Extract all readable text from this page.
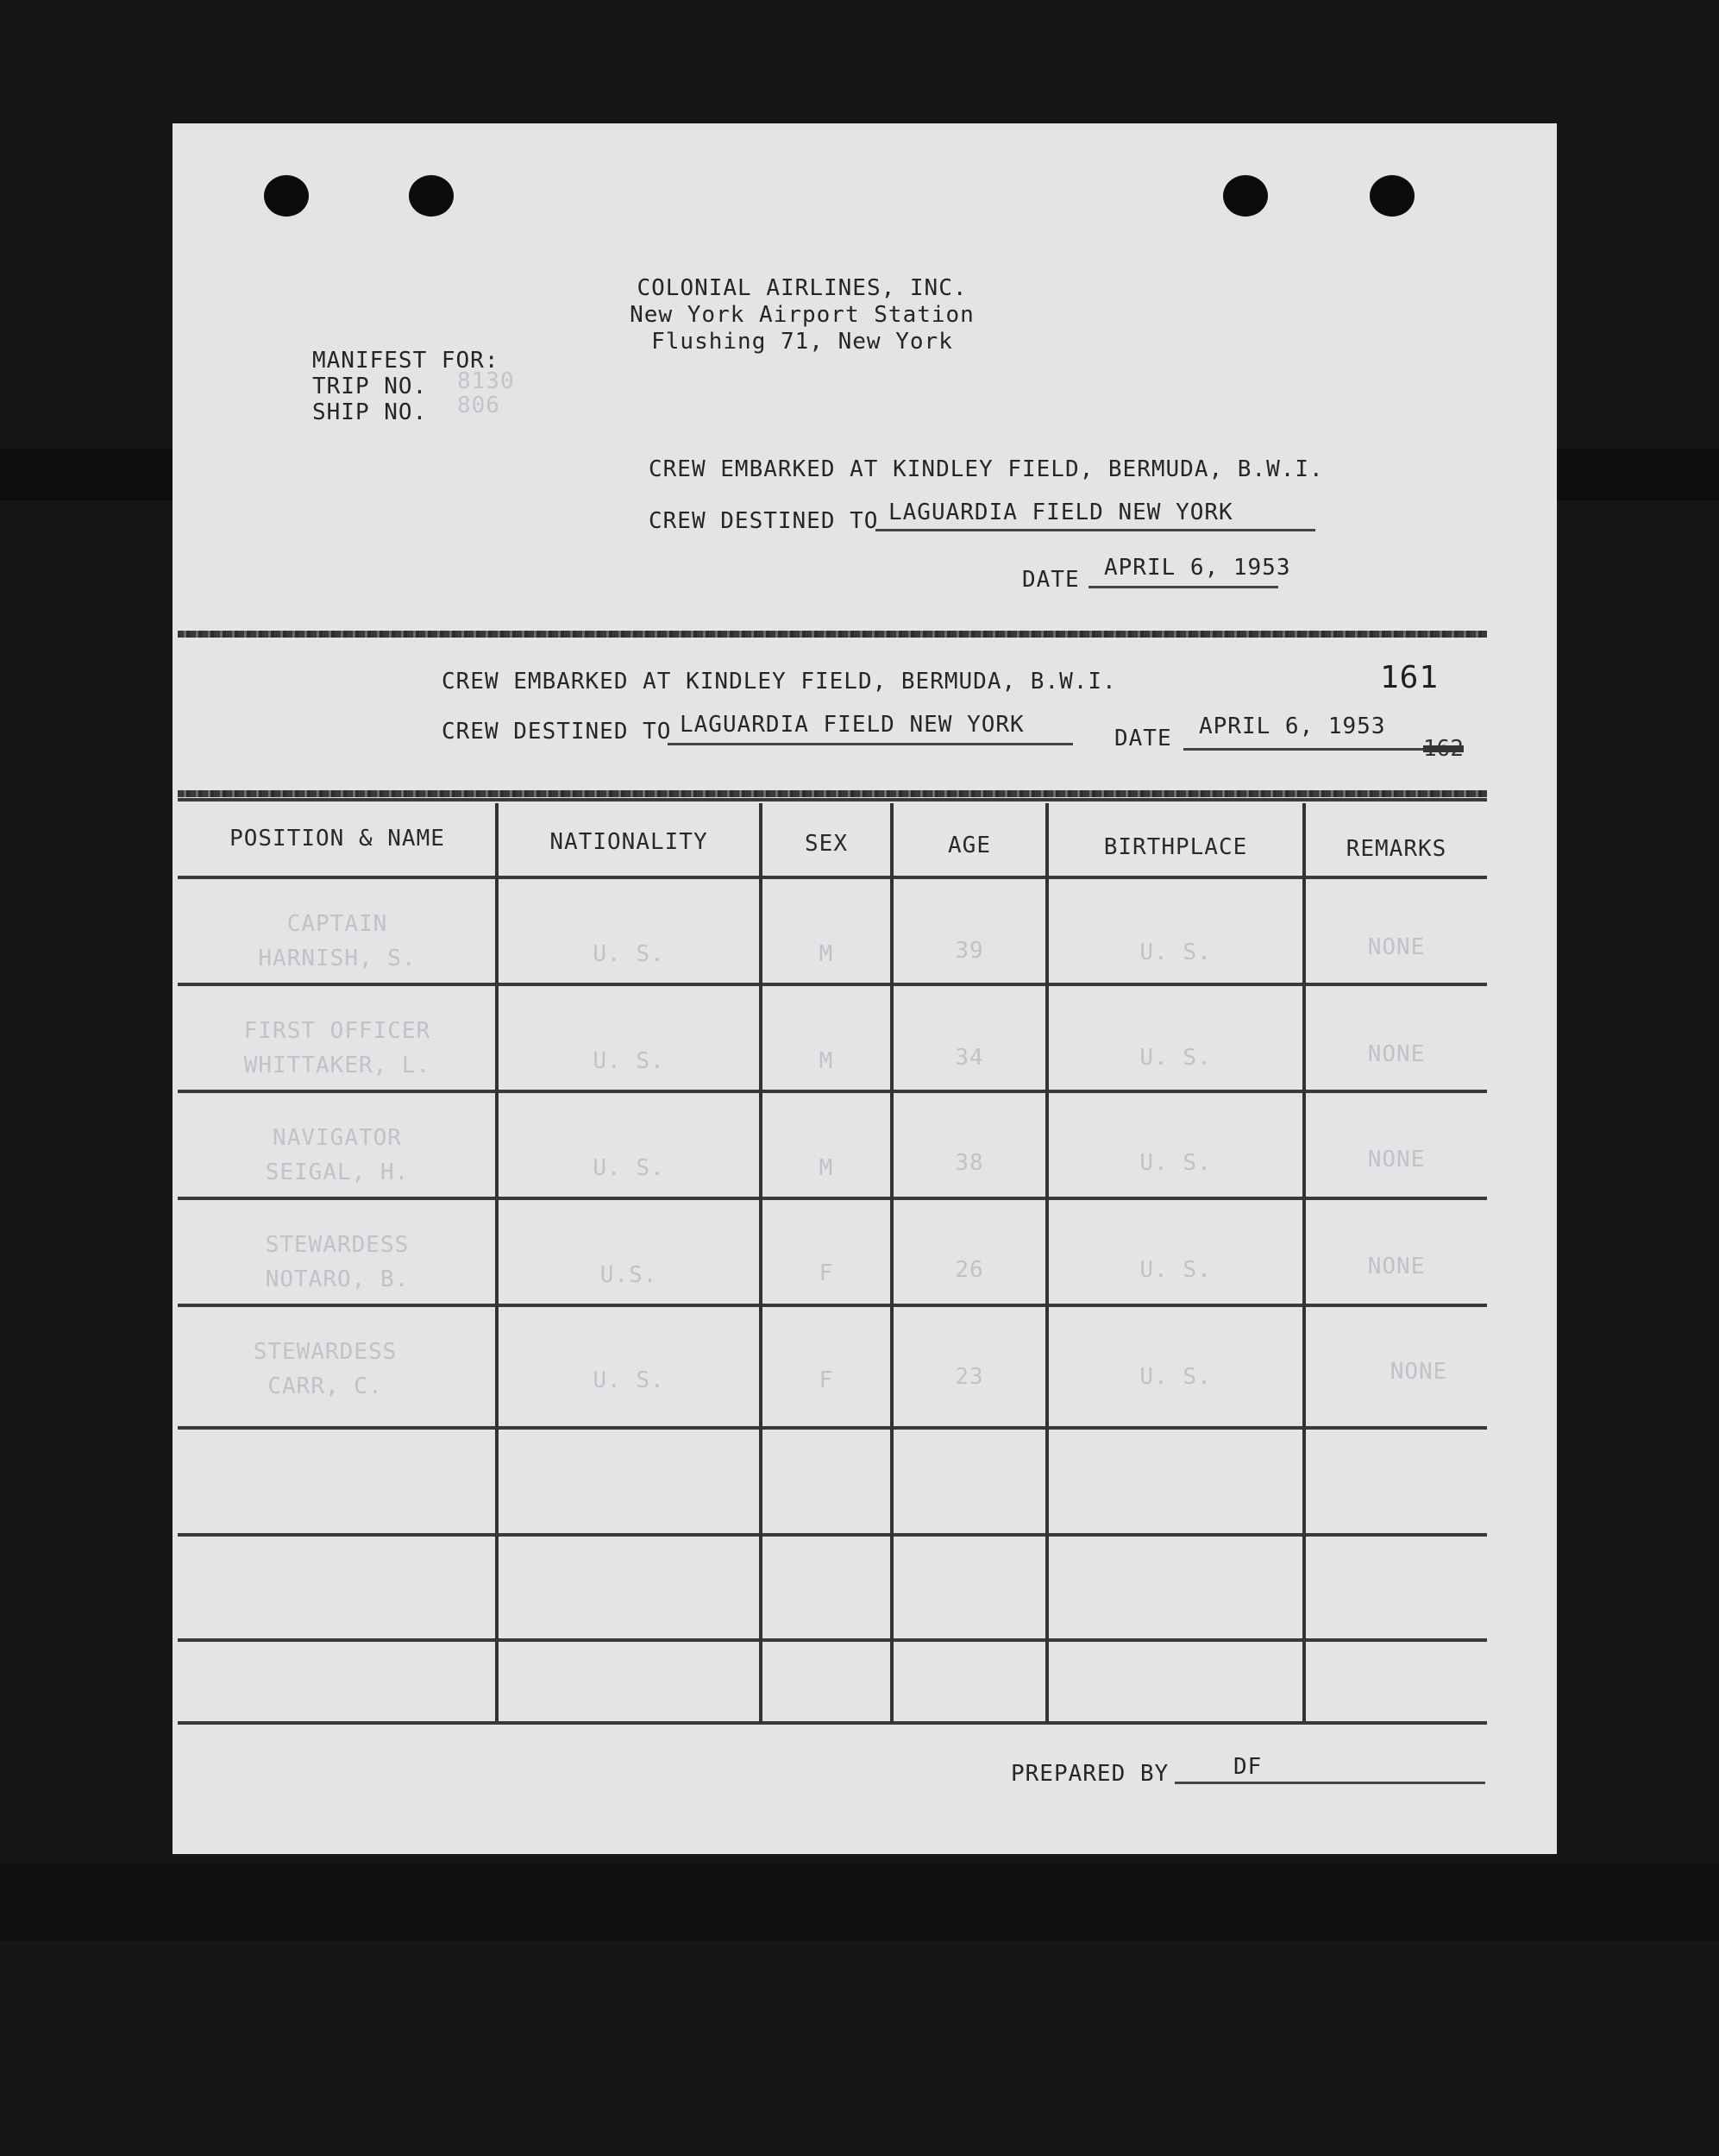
COLONIAL AIRLINES, INC.
New York Airport Station
Flushing 71, New York
MANIFEST FOR:
TRIP NO. 8130
SHIP NO. 806
CREW EMBARKED AT KINDLEY FIELD, BERMUDA, B.W.I.
CREW DESTINED TO LAGUARDIA FIELD NEW YORK
DATE APRIL 6, 1953
161
CREW EMBARKED AT KINDLEY FIELD, BERMUDA, B.W.I.
CREW DESTINED TO LAGUARDIA FIELD NEW YORK
DATE APRIL 6, 1953
162
POSITION & NAME	NATIONALITY	SEX	AGE	BIRTHPLACE	REMARKS
CAPTAIN
HARNISH, S.	U. S.	M	39	U. S.	NONE
FIRST OFFICER
WHITTAKER, L.	U. S.	M	34	U. S.	NONE
NAVIGATOR
SEIGAL, H.	U. S.	M	38	U. S.	NONE
STEWARDESS
NOTARO, B.	U.S.	F	26	U. S.	NONE
STEWARDESS
CARR, C.	U. S.	F	23	U. S.	NONE
PREPARED BY	DF
